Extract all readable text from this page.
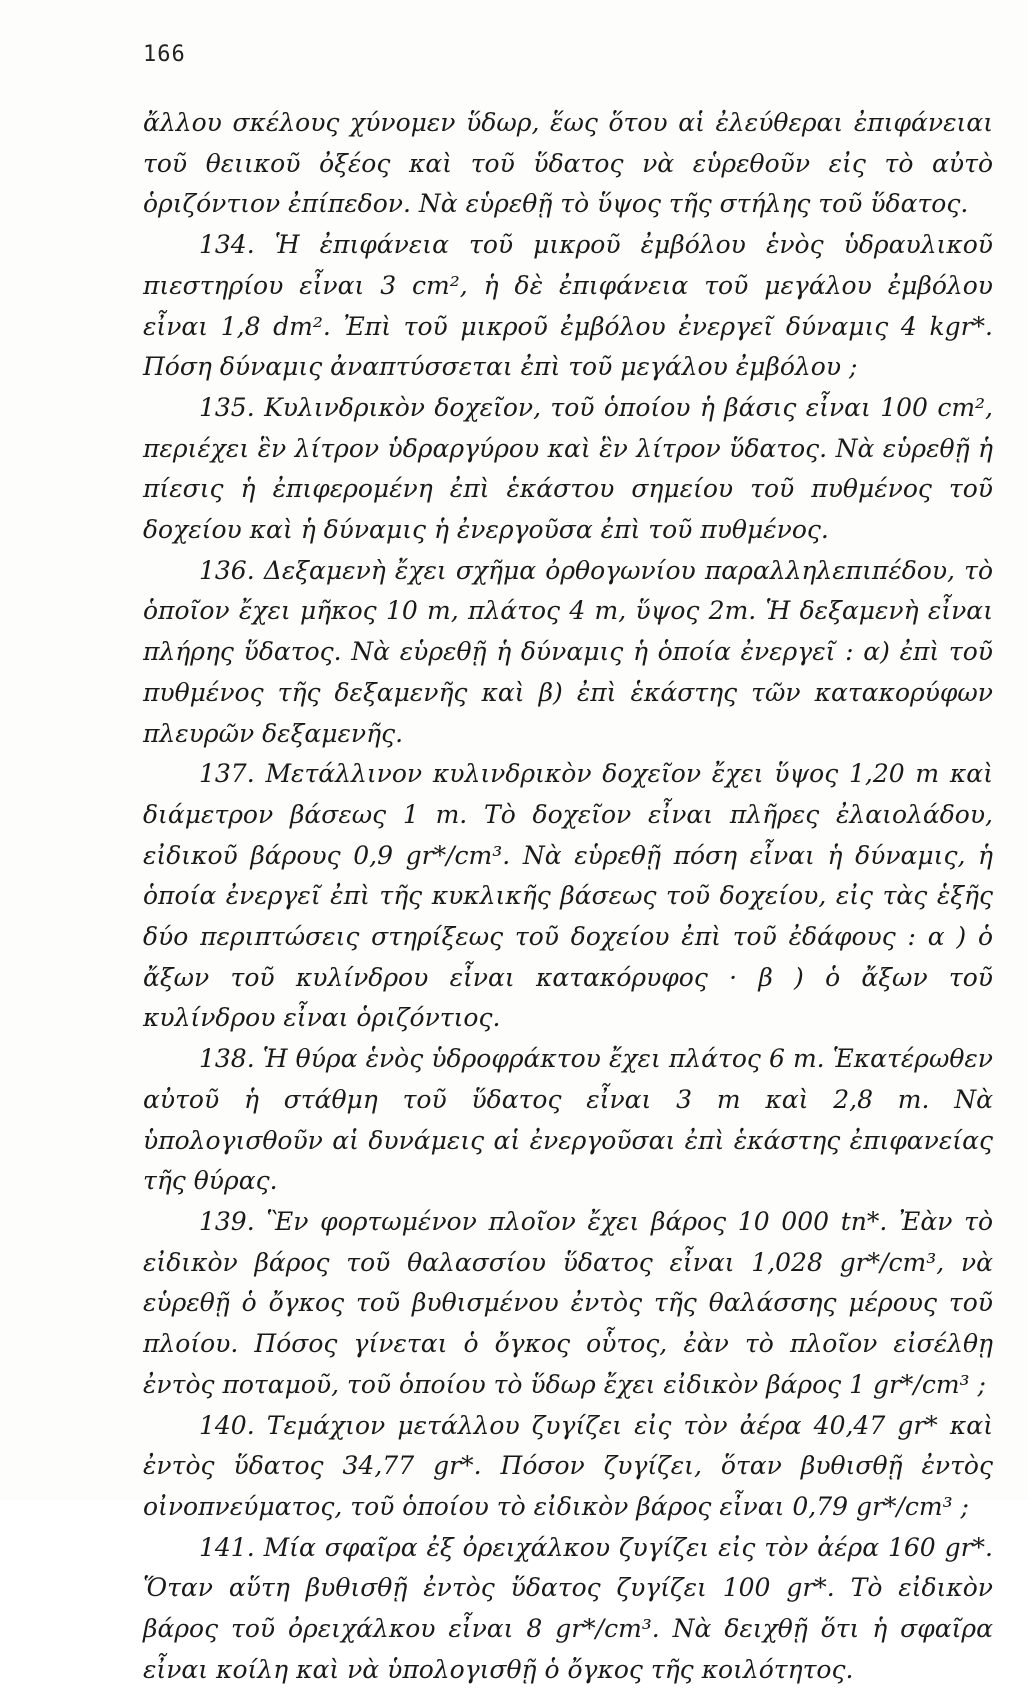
166

ἄλλου σκέλους χύνομεν ὕδωρ, ἕως ὅτου αἱ ἐλεύθεραι ἐπιφάνειαι τοῦ θειικοῦ ὀξέος καὶ τοῦ ὕδατος νὰ εὑρεθοῦν εἰς τὸ αὐτὸ ὁριζόντιον ἐπίπεδον. Νὰ εὑρεθῇ τὸ ὕψος τῆς στήλης τοῦ ὕδατος.

134. Ἡ ἐπιφάνεια τοῦ μικροῦ ἐμβόλου ἑνὸς ὑδραυλικοῦ πιεστηρίου εἶναι 3 cm², ἡ δὲ ἐπιφάνεια τοῦ μεγάλου ἐμβόλου εἶναι 1,8 dm². Ἐπὶ τοῦ μικροῦ ἐμβόλου ἐνεργεῖ δύναμις 4 kgr*. Πόση δύναμις ἀναπτύσσεται ἐπὶ τοῦ μεγάλου ἐμβόλου ;

135. Κυλινδρικὸν δοχεῖον, τοῦ ὁποίου ἡ βάσις εἶναι 100 cm², περιέχει ἓν λίτρον ὑδραργύρου καὶ ἓν λίτρον ὕδατος. Νὰ εὑρεθῇ ἡ πίεσις ἡ ἐπιφερομένη ἐπὶ ἑκάστου σημείου τοῦ πυθμένος τοῦ δοχείου καὶ ἡ δύναμις ἡ ἐνεργοῦσα ἐπὶ τοῦ πυθμένος.

136. Δεξαμενὴ ἔχει σχῆμα ὀρθογωνίου παραλληλεπιπέδου, τὸ ὁποῖον ἔχει μῆκος 10 m, πλάτος 4 m, ὕψος 2m. Ἡ δεξαμενὴ εἶναι πλήρης ὕδατος. Νὰ εὑρεθῇ ἡ δύναμις ἡ ὁποία ἐνεργεῖ : α) ἐπὶ τοῦ πυθμένος τῆς δεξαμενῆς καὶ β) ἐπὶ ἑκάστης τῶν κατακορύφων πλευρῶν δεξαμενῆς.

137. Μετάλλινον κυλινδρικὸν δοχεῖον ἔχει ὕψος 1,20 m καὶ διάμετρον βάσεως 1 m. Τὸ δοχεῖον εἶναι πλῆρες ἐλαιολάδου, εἰδικοῦ βάρους 0,9 gr*/cm³. Νὰ εὑρεθῇ πόση εἶναι ἡ δύναμις, ἡ ὁποία ἐνεργεῖ ἐπὶ τῆς κυκλικῆς βάσεως τοῦ δοχείου, εἰς τὰς ἑξῆς δύο περιπτώσεις στηρίξεως τοῦ δοχείου ἐπὶ τοῦ ἐδάφους : α ) ὁ ἄξων τοῦ κυλίνδρου εἶναι κατακόρυφος · β ) ὁ ἄξων τοῦ κυλίνδρου εἶναι ὁριζόντιος.

138. Ἡ θύρα ἑνὸς ὑδροφράκτου ἔχει πλάτος 6 m. Ἑκατέρωθεν αὐτοῦ ἡ στάθμη τοῦ ὕδατος εἶναι 3 m καὶ 2,8 m. Νὰ ὑπολογισθοῦν αἱ δυνάμεις αἱ ἐνεργοῦσαι ἐπὶ ἑκάστης ἐπιφανείας τῆς θύρας.

139. Ἓν φορτωμένον πλοῖον ἔχει βάρος 10 000 tn*. Ἐὰν τὸ εἰδικὸν βάρος τοῦ θαλασσίου ὕδατος εἶναι 1,028 gr*/cm³, νὰ εὑρεθῇ ὁ ὄγκος τοῦ βυθισμένου ἐντὸς τῆς θαλάσσης μέρους τοῦ πλοίου. Πόσος γίνεται ὁ ὄγκος οὗτος, ἐὰν τὸ πλοῖον εἰσέλθῃ ἐντὸς ποταμοῦ, τοῦ ὁποίου τὸ ὕδωρ ἔχει εἰδικὸν βάρος 1 gr*/cm³ ;

140. Τεμάχιον μετάλλου ζυγίζει εἰς τὸν ἀέρα 40,47 gr* καὶ ἐντὸς ὕδατος 34,77 gr*. Πόσον ζυγίζει, ὅταν βυθισθῇ ἐντὸς οἰνοπνεύματος, τοῦ ὁποίου τὸ εἰδικὸν βάρος εἶναι 0,79 gr*/cm³ ;

141. Μία σφαῖρα ἐξ ὀρειχάλκου ζυγίζει εἰς τὸν ἀέρα 160 gr*. Ὅταν αὕτη βυθισθῇ ἐντὸς ὕδατος ζυγίζει 100 gr*. Τὸ εἰδικὸν βάρος τοῦ ὀρειχάλκου εἶναι 8 gr*/cm³. Νὰ δειχθῇ ὅτι ἡ σφαῖρα εἶναι κοίλη καὶ νὰ ὑπολογισθῇ ὁ ὄγκος τῆς κοιλότητος.
